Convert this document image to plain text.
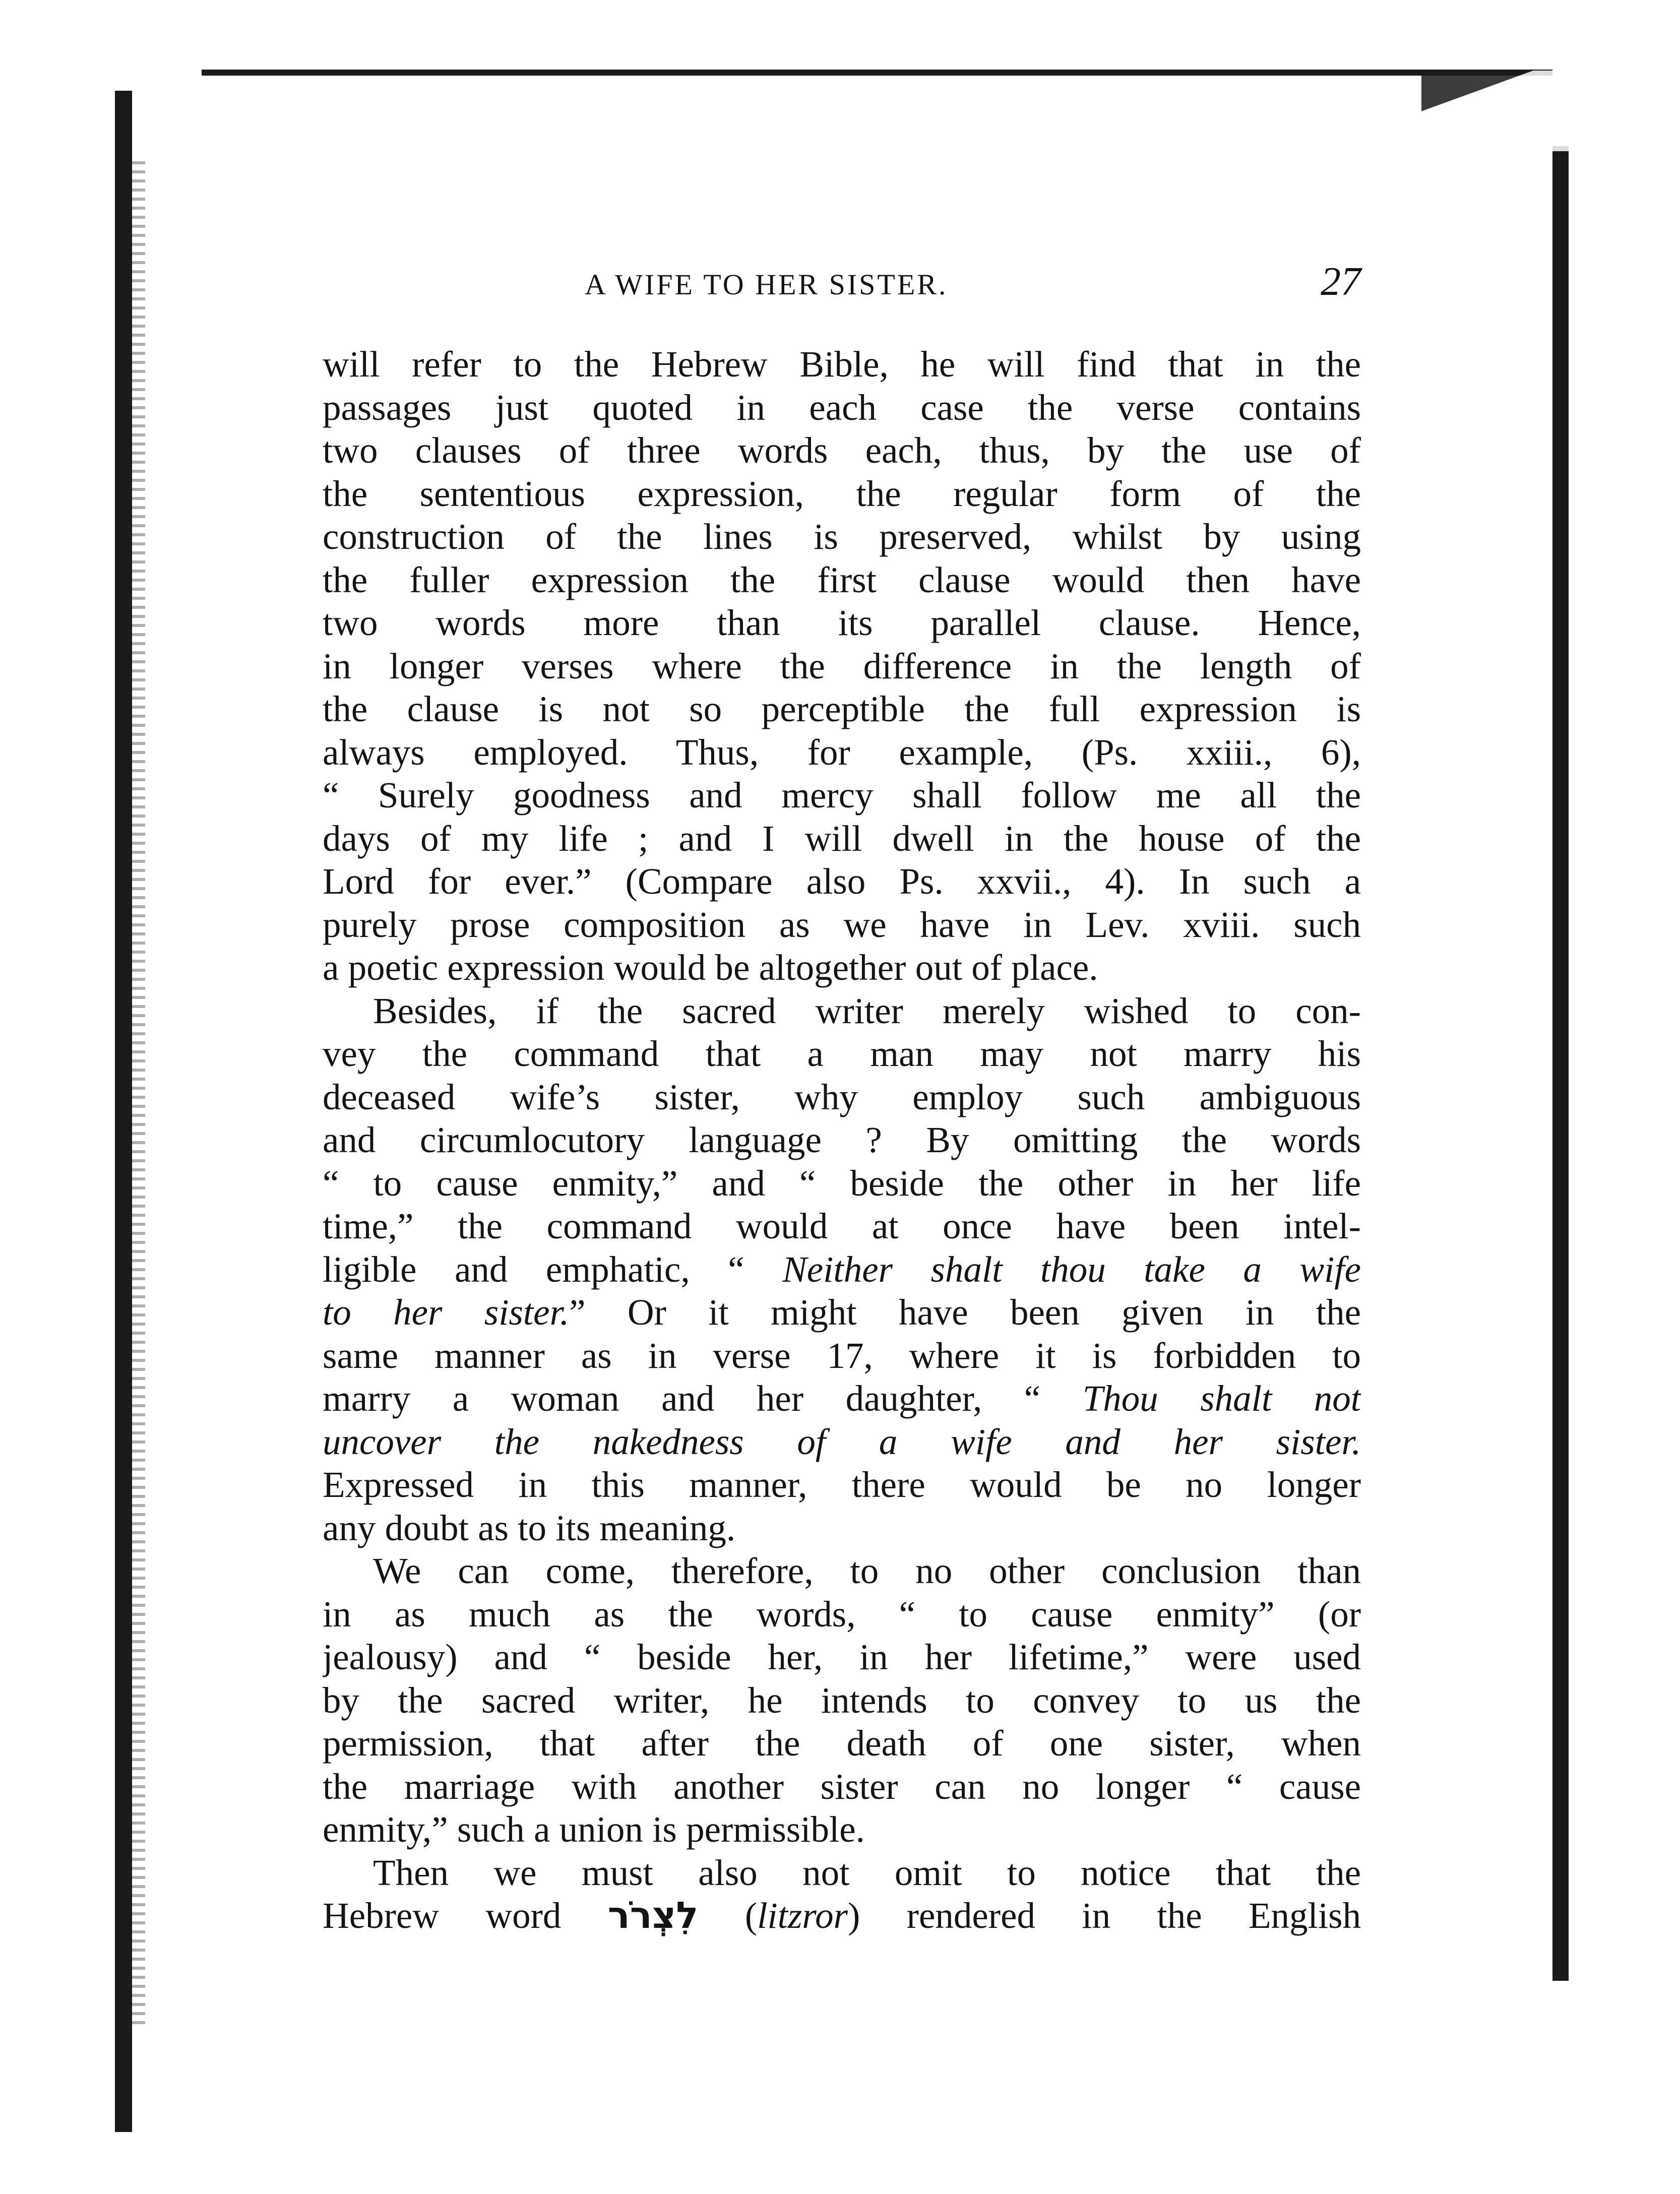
A WIFE TO HER SISTER.	27
will refer to the Hebrew Bible, he will find that in the
passages just quoted in each case the verse contains
two clauses of three words each, thus, by the use of
the sententious expression, the regular form of the
construction of the lines is preserved, whilst by using
the fuller expression the first clause would then have
two words more than its parallel clause. Hence,
in longer verses where the difference in the length of
the clause is not so perceptible the full expression is
always employed. Thus, for example, (Ps. xxiii., 6),
“ Surely goodness and mercy shall follow me all the
days of my life ; and I will dwell in the house of the
Lord for ever.” (Compare also Ps. xxvii., 4). In such a
purely prose composition as we have in Lev. xviii. such
a poetic expression would be altogether out of place.
Besides, if the sacred writer merely wished to con-
vey the command that a man may not marry his
deceased wife’s sister, why employ such ambiguous
and circumlocutory language ? By omitting the words
“ to cause enmity,” and “ beside the other in her life
time,” the command would at once have been intel-
ligible and emphatic, “ Neither shalt thou take a wife
to her sister.” Or it might have been given in the
same manner as in verse 17, where it is forbidden to
marry a woman and her daughter, “ Thou shalt not
uncover the nakedness of a wife and her sister.
Expressed in this manner, there would be no longer
any doubt as to its meaning.
We can come, therefore, to no other conclusion than
in as much as the words, “ to cause enmity” (or
jealousy) and “ beside her, in her lifetime,” were used
by the sacred writer, he intends to convey to us the
permission, that after the death of one sister, when
the marriage with another sister can no longer “ cause
enmity,” such a union is permissible.
Then we must also not omit to notice that the
Hebrew word לִצְרֹר (litzror) rendered in the English
